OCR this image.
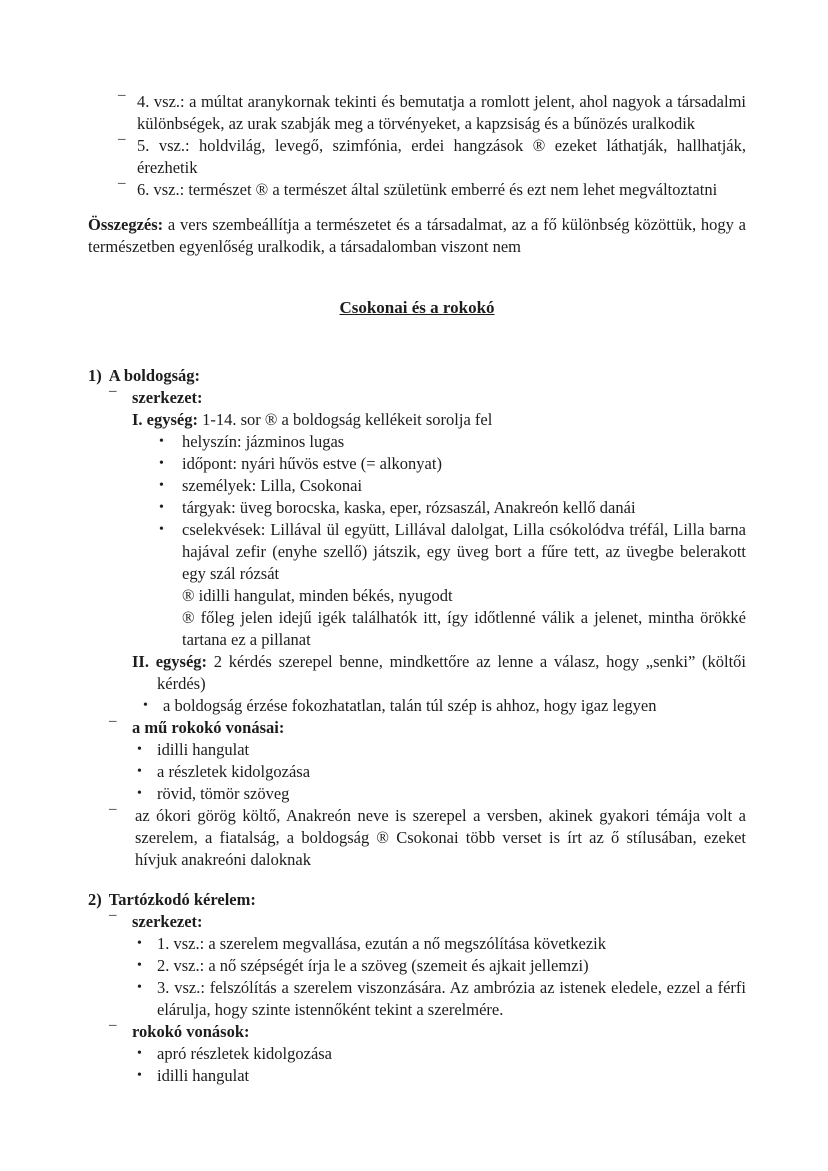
– 4. vsz.: a múltat aranykornak tekinti és bemutatja a romlott jelent, ahol nagyok a társadalmi különbségek, az urak szabják meg a törvényeket, a kapzsiság és a bűnözés uralkodik
– 5. vsz.: holdvilág, levegő, szimfónia, erdei hangzások ® ezeket láthatják, hallhatják, érezhetik
– 6. vsz.: természet ® a természet által születünk emberré és ezt nem lehet megváltoztatni

Összegzés: a vers szembeállítja a természetet és a társadalmat, az a fő különbség közöttük, hogy a természetben egyenlőség uralkodik, a társadalomban viszont nem

Csokonai és a rokokó
1) A boldogság:
– szerkezet:
I. egység: 1-14. sor ® a boldogság kellékeit sorolja fel
• helyszín: jázminos lugas
• időpont: nyári hűvös estve (= alkonyat)
• személyek: Lilla, Csokonai
• tárgyak: üveg borocska, kaska, eper, rózsaszál, Anakreón kellő danái
• cselekvések: Lillával ül együtt, Lillával dalolgat, Lilla csókolódva tréfál, Lilla barna hajával zefir (enyhe szellő) játszik, egy üveg bort a fűre tett, az üvegbe belerakott egy szál rózsát
® idilli hangulat, minden békés, nyugodt
® főleg jelen idejű igék találhatók itt, így időtlenné válik a jelenet, mintha örökké tartana ez a pillanat
II. egység: 2 kérdés szerepel benne, mindkettőre az lenne a válasz, hogy „senki” (költői kérdés)
• a boldogság érzése fokozhatatlan, talán túl szép is ahhoz, hogy igaz legyen
– a mű rokokó vonásai:
• idilli hangulat
• a részletek kidolgozása
• rövid, tömör szöveg
– az ókori görög költő, Anakreón neve is szerepel a versben, akinek gyakori témája volt a szerelem, a fiatalság, a boldogság ® Csokonai több verset is írt az ő stílusában, ezeket hívjuk anakreóni daloknak
2) Tartózkodó kérelem:
– szerkezet:
• 1. vsz.: a szerelem megvallása, ezután a nő megszólítása következik
• 2. vsz.: a nő szépségét írja le a szöveg (szemeit és ajkait jellemzi)
• 3. vsz.: felszólítás a szerelem viszonzására. Az ambrózia az istenek eledele, ezzel a férfi elárulja, hogy szinte istennőként tekint a szerelmére.
– rokokó vonások:
• apró részletek kidolgozása
• idilli hangulat
